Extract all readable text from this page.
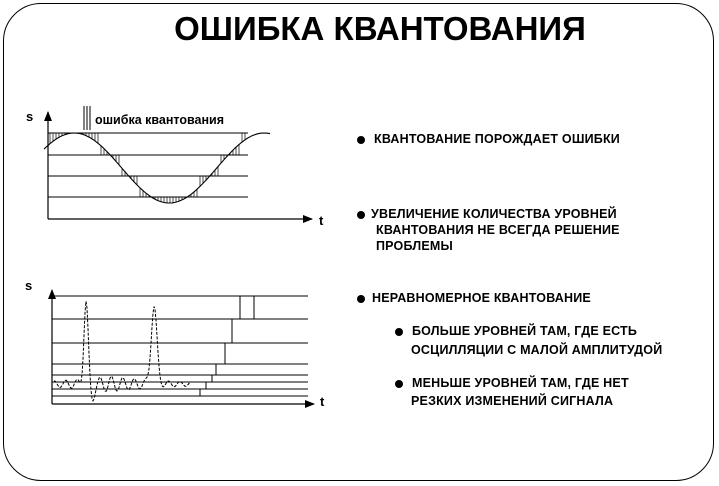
ОШИБКА КВАНТОВАНИЯ
s
t
ошибка квантования
s
t
КВАНТОВАНИЕ ПОРОЖДАЕТ ОШИБКИ
УВЕЛИЧЕНИЕ КОЛИЧЕСТВА УРОВНЕЙ
КВАНТОВАНИЯ НЕ ВСЕГДА РЕШЕНИЕ
ПРОБЛЕМЫ
НЕРАВНОМЕРНОЕ КВАНТОВАНИЕ
БОЛЬШЕ УРОВНЕЙ ТАМ, ГДЕ ЕСТЬ
ОСЦИЛЛЯЦИИ С МАЛОЙ АМПЛИТУДОЙ
МЕНЬШЕ УРОВНЕЙ ТАМ, ГДЕ НЕТ
РЕЗКИХ ИЗМЕНЕНИЙ СИГНАЛА
